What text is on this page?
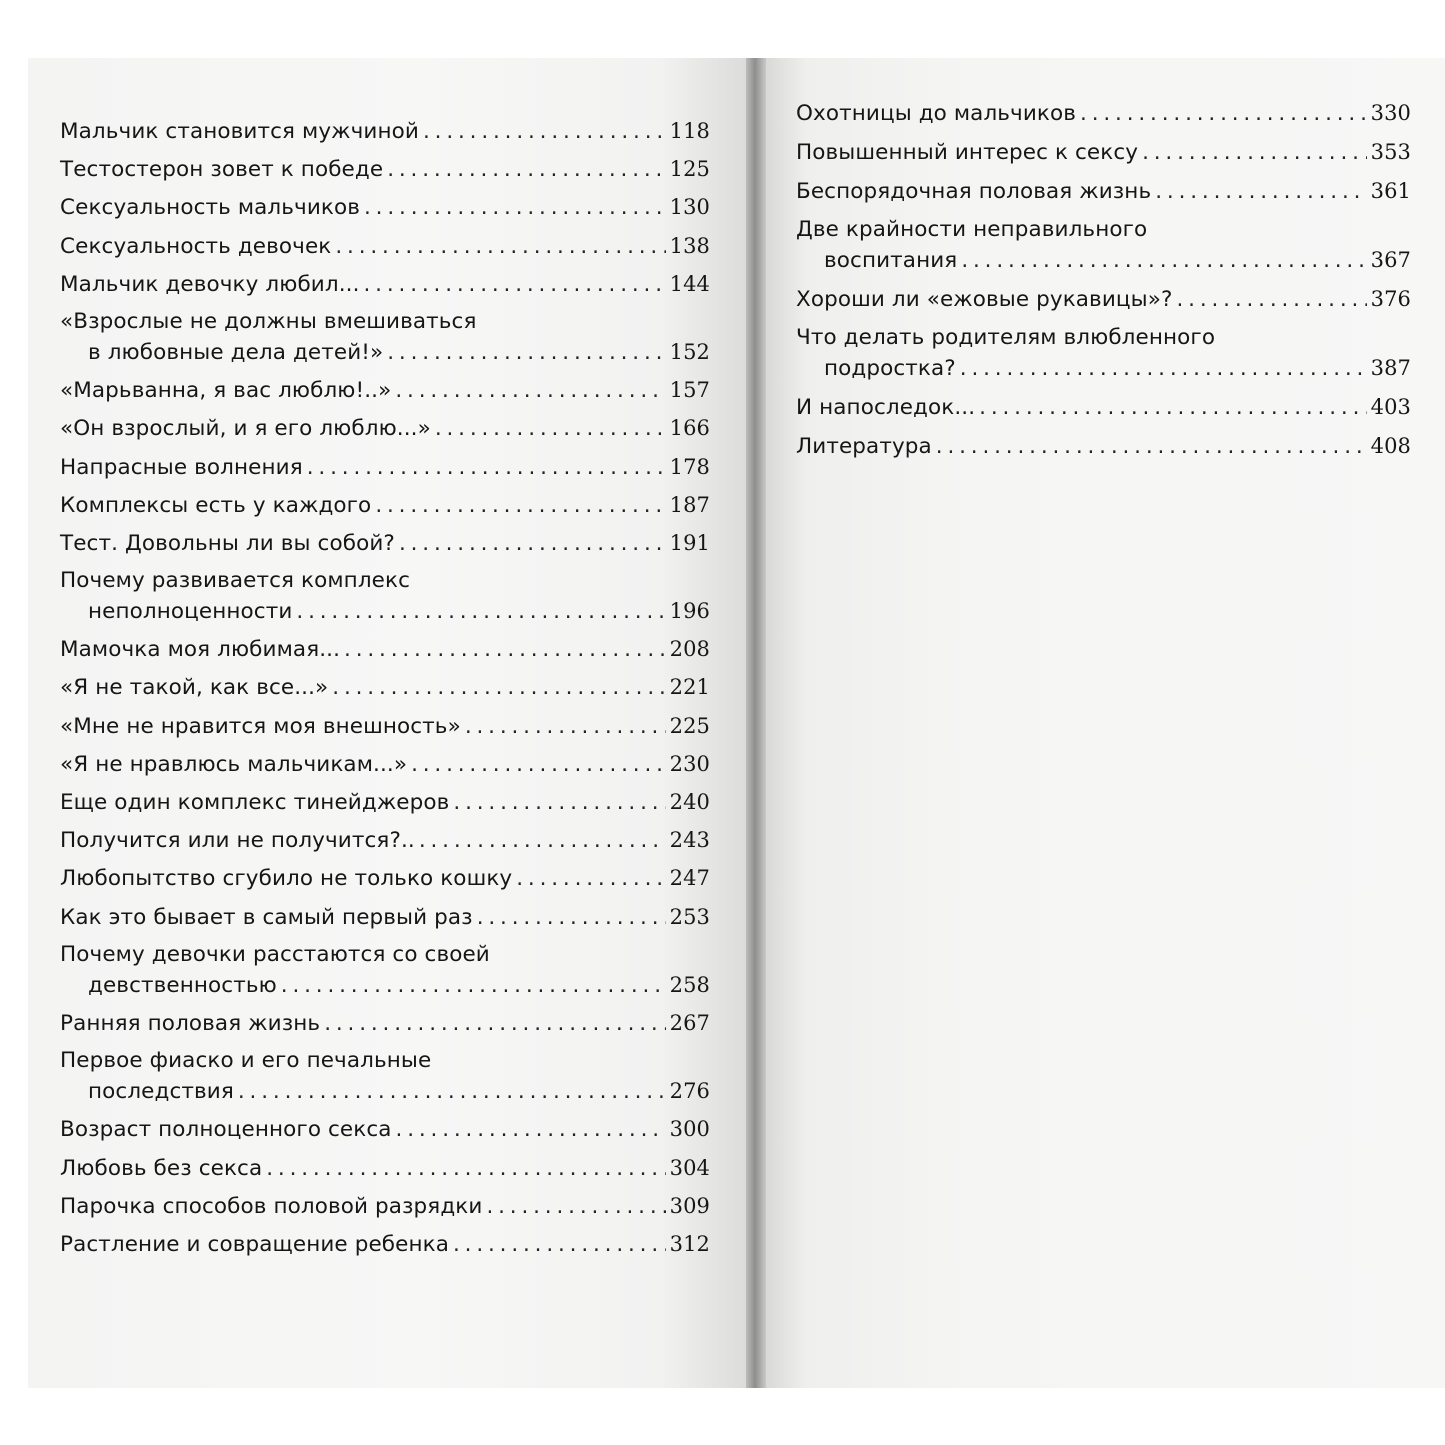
Мальчик становится мужчиной . . .	118
Тестостерон зовет к победе . . .	125
Сексуальность мальчиков . . .	130
Сексуальность девочек . . .	138
Мальчик девочку любил... . . .	144
«Взрослые не должны вмешиваться
в любовные дела детей!» . . .	152
«Марьванна, я вас люблю!..» . . .	157
«Он взрослый, и я его люблю...» . . .	166
Напрасные волнения . . .	178
Комплексы есть у каждого . . .	187
Тест. Довольны ли вы собой? . . .	191
Почему развивается комплекс
неполноценности . . .	196
Мамочка моя любимая... . . .	208
«Я не такой, как все...» . . .	221
«Мне не нравится моя внешность» . . .	225
«Я не нравлюсь мальчикам...» . . .	230
Еще один комплекс тинейджеров . . .	240
Получится или не получится?.. . . .	243
Любопытство сгубило не только кошку . . .	247
Как это бывает в самый первый раз . . .	253
Почему девочки расстаются со своей
девственностью . . .	258
Ранняя половая жизнь . . .	267
Первое фиаско и его печальные
последствия . . .	276
Возраст полноценного секса . . .	300
Любовь без секса . . .	304
Парочка способов половой разрядки . . .	309
Растление и совращение ребенка . . .	312
Охотницы до мальчиков . . .	330
Повышенный интерес к сексу . . .	353
Беспорядочная половая жизнь . . .	361
Две крайности неправильного
воспитания . . .	367
Хороши ли «ежовые рукавицы»? . . .	376
Что делать родителям влюбленного
подростка? . . .	387
И напоследок... . . .	403
Литература . . .	408
